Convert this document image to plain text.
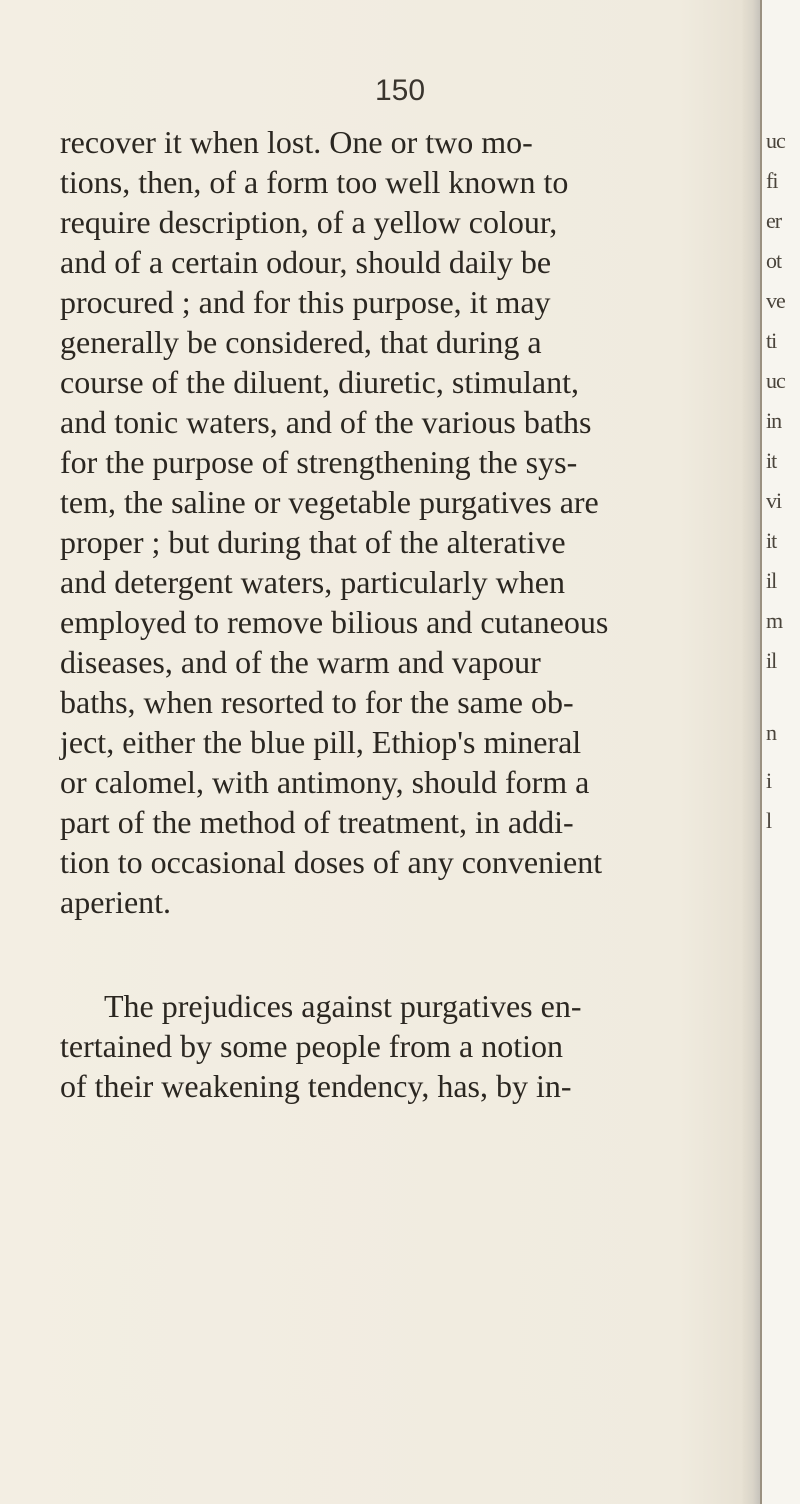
uc
fi
er
ot
ve
ti
uc
in
it
vi
it
il
m
il
n
i
l
150
recover it when lost. One or two mo-
tions, then, of a form too well known to
require description, of a yellow colour,
and of a certain odour, should daily be
procured ; and for this purpose, it may
generally be considered, that during a
course of the diluent, diuretic, stimulant,
and tonic waters, and of the various baths
for the purpose of strengthening the sys-
tem, the saline or vegetable purgatives are
proper ; but during that of the alterative
and detergent waters, particularly when
employed to remove bilious and cutaneous
diseases, and of the warm and vapour
baths, when resorted to for the same ob-
ject, either the blue pill, Ethiop's mineral
or calomel, with antimony, should form a
part of the method of treatment, in addi-
tion to occasional doses of any convenient
aperient.
The prejudices against purgatives en-
tertained by some people from a notion
of their weakening tendency, has, by in-
